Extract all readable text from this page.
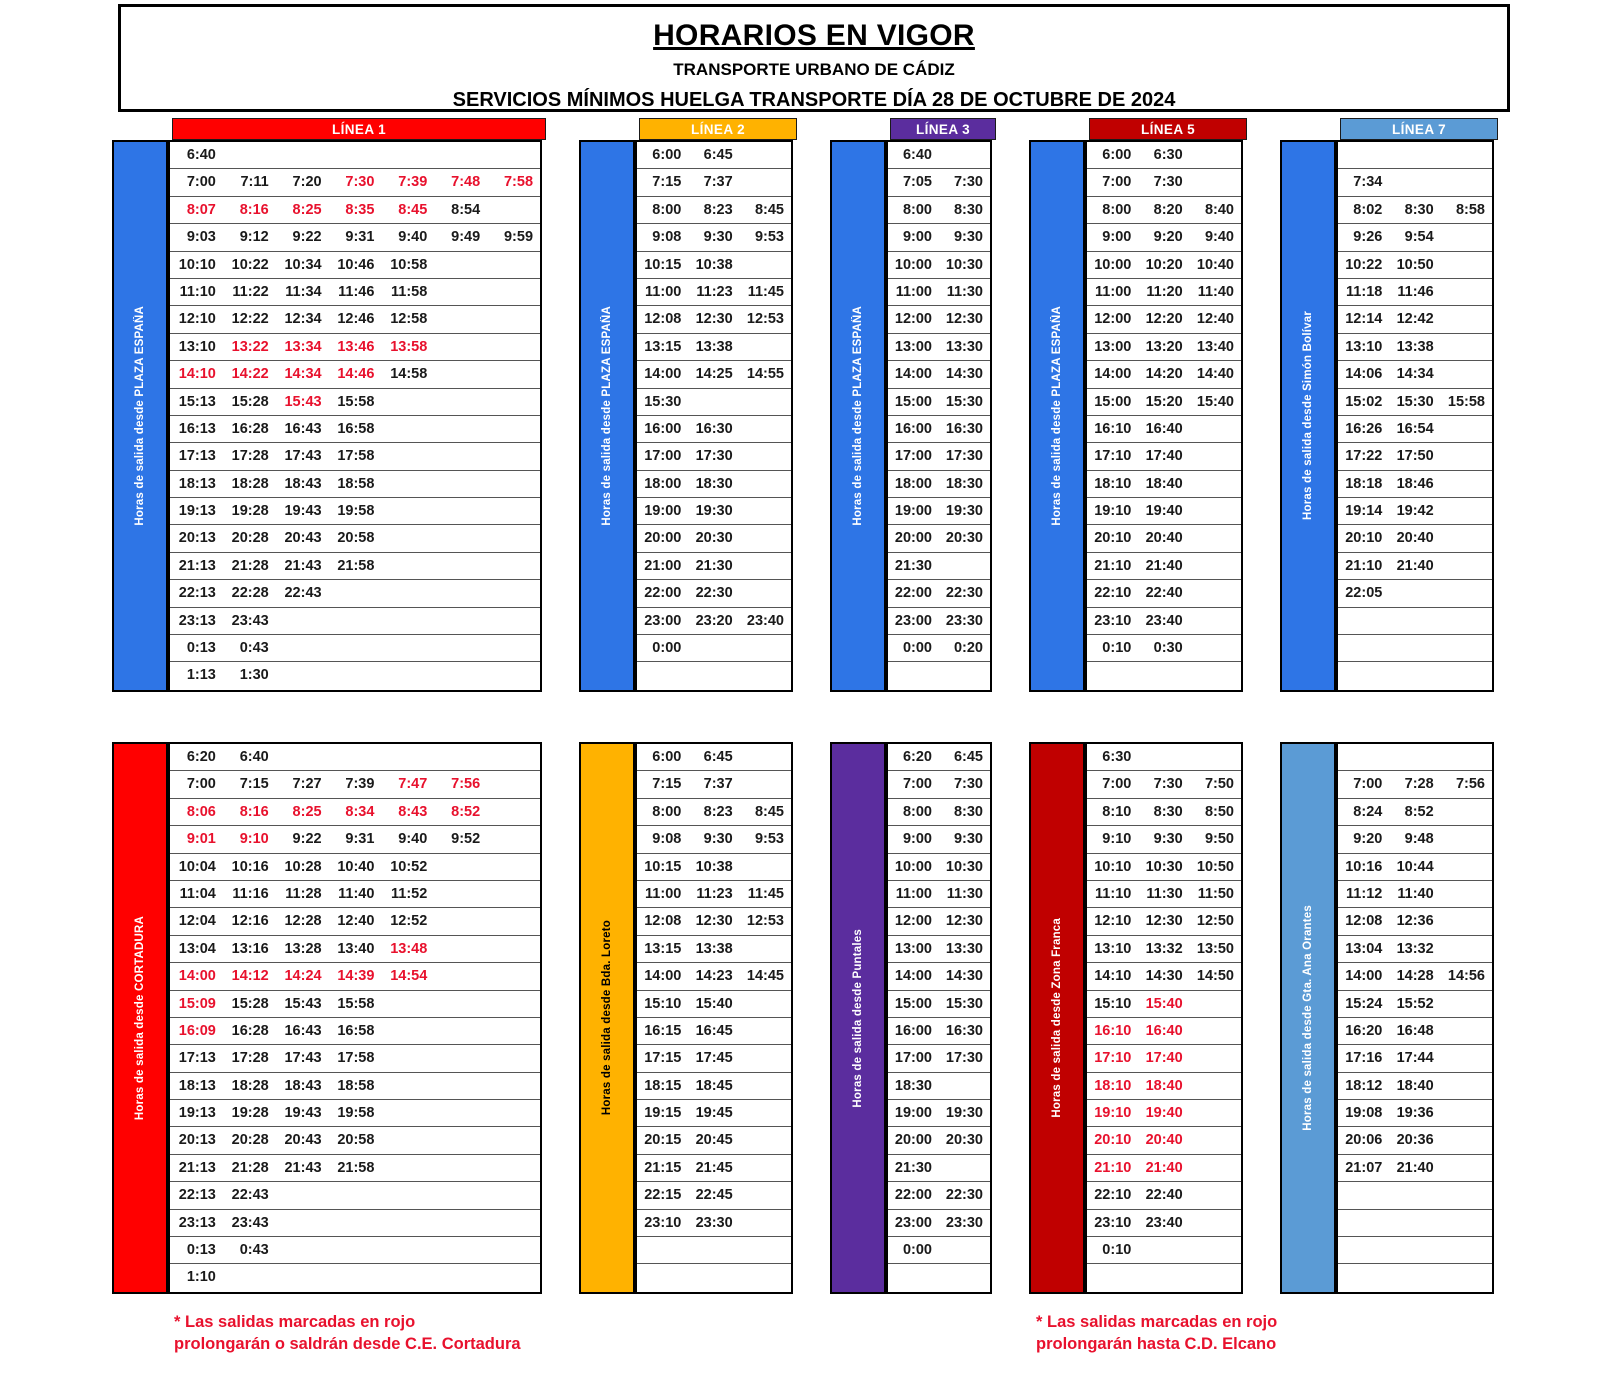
HORARIOS EN VIGOR
TRANSPORTE URBANO DE CÁDIZ
SERVICIOS MÍNIMOS HUELGA TRANSPORTE DÍA 28 DE OCTUBRE DE 2024
LÍNEA 1
Horas de salida desde PLAZA ESPAÑA
6:40
7:00	7:11	7:20	7:30	7:39	7:48	7:58
8:07	8:16	8:25	8:35	8:45	8:54
9:03	9:12	9:22	9:31	9:40	9:49	9:59
10:10	10:22	10:34	10:46	10:58
11:10	11:22	11:34	11:46	11:58
12:10	12:22	12:34	12:46	12:58
13:10	13:22	13:34	13:46	13:58
14:10	14:22	14:34	14:46	14:58
15:13	15:28	15:43	15:58
16:13	16:28	16:43	16:58
17:13	17:28	17:43	17:58
18:13	18:28	18:43	18:58
19:13	19:28	19:43	19:58
20:13	20:28	20:43	20:58
21:13	21:28	21:43	21:58
22:13	22:28	22:43
23:13	23:43
0:13	0:43
1:13	1:30
LÍNEA 2
Horas de salida desde PLAZA ESPAÑA
6:00	6:45
7:15	7:37
8:00	8:23	8:45
9:08	9:30	9:53
10:15 10:38
11:00	11:23	11:45
12:08 12:30 12:53
13:15 13:38
14:00 14:25 14:55
15:30
16:00 16:30
17:00 17:30
18:00 18:30
19:00 19:30
20:00 20:30
21:00 21:30
22:00 22:30
23:00 23:20 23:40
0:00
LÍNEA 3
Horas de salida desde PLAZA ESPAÑA
6:40
7:05	7:30
8:00	8:30
9:00	9:30
10:00 10:30
11:00	11:30
12:00 12:30
13:00 13:30
14:00 14:30
15:00 15:30
16:00 16:30
17:00 17:30
18:00 18:30
19:00 19:30
20:00 20:30
21:30
22:00 22:30
23:00 23:30
0:00	0:20
LÍNEA 5
Horas de salida desde PLAZA ESPAÑA
6:00	6:30
7:00	7:30
8:00	8:20	8:40
9:00	9:20	9:40
10:00 10:20 10:40
11:00	11:20	11:40
12:00 12:20 12:40
13:00 13:20 13:40
14:00 14:20 14:40
15:00 15:20 15:40
16:10 16:40
17:10 17:40
18:10 18:40
19:10 19:40
20:10 20:40
21:10 21:40
22:10 22:40
23:10 23:40
0:10	0:30
LÍNEA 7
Horas de salida desde Simón Bolívar
7:34
8:02	8:30	8:58
9:26	9:54
10:22 10:50
11:18	11:46
12:14 12:42
13:10 13:38
14:06 14:34
15:02 15:30 15:58
16:26 16:54
17:22 17:50
18:18 18:46
19:14 19:42
20:10 20:40
21:10 21:40
22:05
Horas de salida desde CORTADURA
6:20	6:40
7:00	7:15	7:27	7:39	7:47	7:56
8:06	8:16	8:25	8:34	8:43	8:52
9:01	9:10	9:22	9:31	9:40	9:52
10:04	10:16	10:28	10:40	10:52
11:04	11:16	11:28	11:40	11:52
12:04	12:16	12:28	12:40	12:52
13:04	13:16	13:28	13:40	13:48
14:00	14:12	14:24	14:39	14:54
15:09	15:28	15:43	15:58
16:09	16:28	16:43	16:58
17:13	17:28	17:43	17:58
18:13	18:28	18:43	18:58
19:13	19:28	19:43	19:58
20:13	20:28	20:43	20:58
21:13	21:28	21:43	21:58
22:13	22:43
23:13	23:43
0:13	0:43
1:10
Horas de salida desde Bda. Loreto
6:00	6:45
7:15	7:37
8:00	8:23	8:45
9:08	9:30	9:53
10:15 10:38
11:00	11:23	11:45
12:08 12:30 12:53
13:15 13:38
14:00 14:23 14:45
15:10 15:40
16:15 16:45
17:15 17:45
18:15 18:45
19:15 19:45
20:15 20:45
21:15 21:45
22:15 22:45
23:10 23:30
Horas de salida desde Puntales
6:20	6:45
7:00	7:30
8:00	8:30
9:00	9:30
10:00 10:30
11:00	11:30
12:00 12:30
13:00 13:30
14:00 14:30
15:00 15:30
16:00 16:30
17:00 17:30
18:30
19:00 19:30
20:00 20:30
21:30
22:00 22:30
23:00 23:30
0:00
Horas de salida desde Zona Franca
6:30
7:00	7:30	7:50
8:10	8:30	8:50
9:10	9:30	9:50
10:10 10:30 10:50
11:10	11:30	11:50
12:10 12:30 12:50
13:10 13:32 13:50
14:10 14:30 14:50
15:10 15:40
16:10 16:40
17:10 17:40
18:10 18:40
19:10 19:40
20:10 20:40
21:10 21:40
22:10 22:40
23:10 23:40
0:10
Horas de salida desde Gta. Ana Orantes
7:00	7:28	7:56
8:24	8:52
9:20	9:48
10:16 10:44
11:12	11:40
12:08 12:36
13:04 13:32
14:00 14:28 14:56
15:24 15:52
16:20 16:48
17:16 17:44
18:12 18:40
19:08 19:36
20:06 20:36
21:07 21:40
* Las salidas marcadas en rojo
prolongarán o saldrán desde C.E. Cortadura
* Las salidas marcadas en rojo
prolongarán hasta C.D. Elcano
